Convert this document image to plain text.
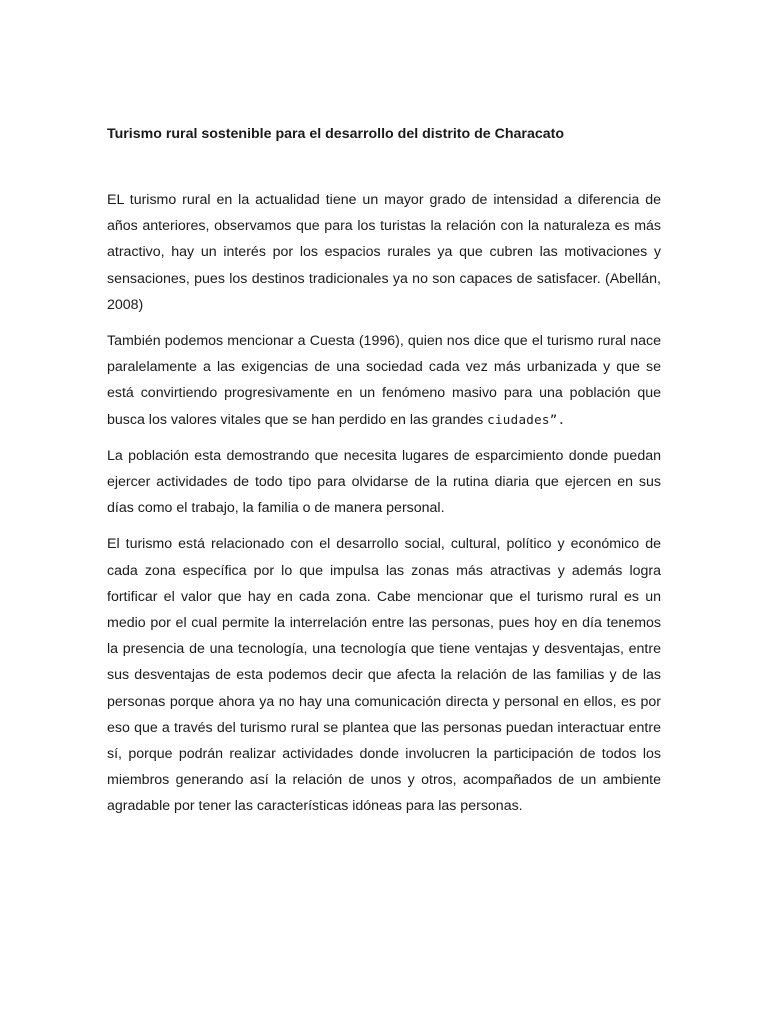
Turismo rural sostenible para el desarrollo del distrito de Characato

EL turismo rural en la actualidad tiene un mayor grado de intensidad a diferencia de años anteriores, observamos que para los turistas la relación con la naturaleza es más atractivo, hay un interés por los espacios rurales ya que cubren las motivaciones y sensaciones, pues los destinos tradicionales ya no son capaces de satisfacer. (Abellán, 2008)

También podemos mencionar a Cuesta (1996), quien nos dice que el turismo rural nace paralelamente a las exigencias de una sociedad cada vez más urbanizada y que se está convirtiendo progresivamente en un fenómeno masivo para una población que busca los valores vitales que se han perdido en las grandes ciudades”.

La población esta demostrando que necesita lugares de esparcimiento donde puedan ejercer actividades de todo tipo para olvidarse de la rutina diaria que ejercen en sus días como el trabajo, la familia o de manera personal.

El turismo está relacionado con el desarrollo social, cultural, político y económico de cada zona específica por lo que impulsa las zonas más atractivas y además logra fortificar el valor que hay en cada zona. Cabe mencionar que el turismo rural es un medio por el cual permite la interrelación entre las personas, pues hoy en día tenemos la presencia de una tecnología, una tecnología que tiene ventajas y desventajas, entre sus desventajas de esta podemos decir que afecta la relación de las familias y de las personas porque ahora ya no hay una comunicación directa y personal en ellos, es por eso que a través del turismo rural se plantea que las personas puedan interactuar entre sí, porque podrán realizar actividades donde involucren la participación de todos los miembros generando así la relación de unos y otros, acompañados de un ambiente agradable por tener las características idóneas para las personas.
